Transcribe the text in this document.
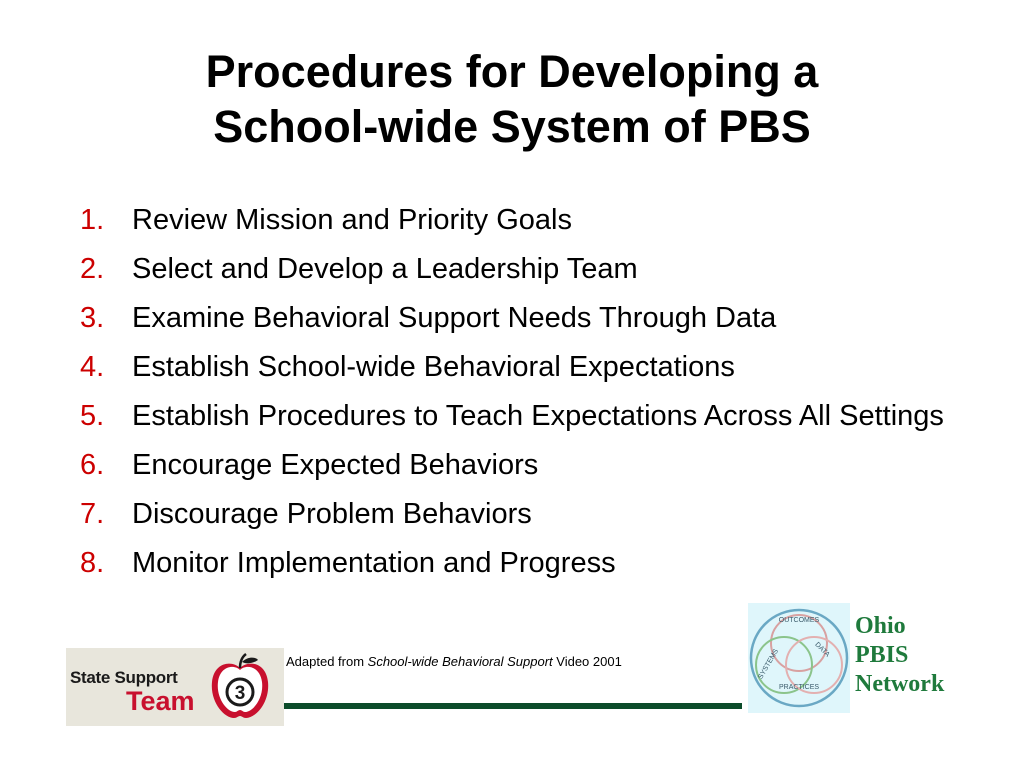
Procedures for Developing a
School-wide System of PBS
1. Review Mission and Priority Goals
2. Select and Develop a Leadership Team
3. Examine Behavioral Support Needs Through Data
4. Establish School-wide Behavioral Expectations
5. Establish Procedures to Teach Expectations Across All Settings
6. Encourage Expected Behaviors
7. Discourage Problem Behaviors
8. Monitor Implementation and Progress
State Support
Team 3
Adapted from School-wide Behavioral Support Video 2001
OUTCOMES
SYSTEMS	DATA
PRACTICES
Ohio
PBIS
Network
